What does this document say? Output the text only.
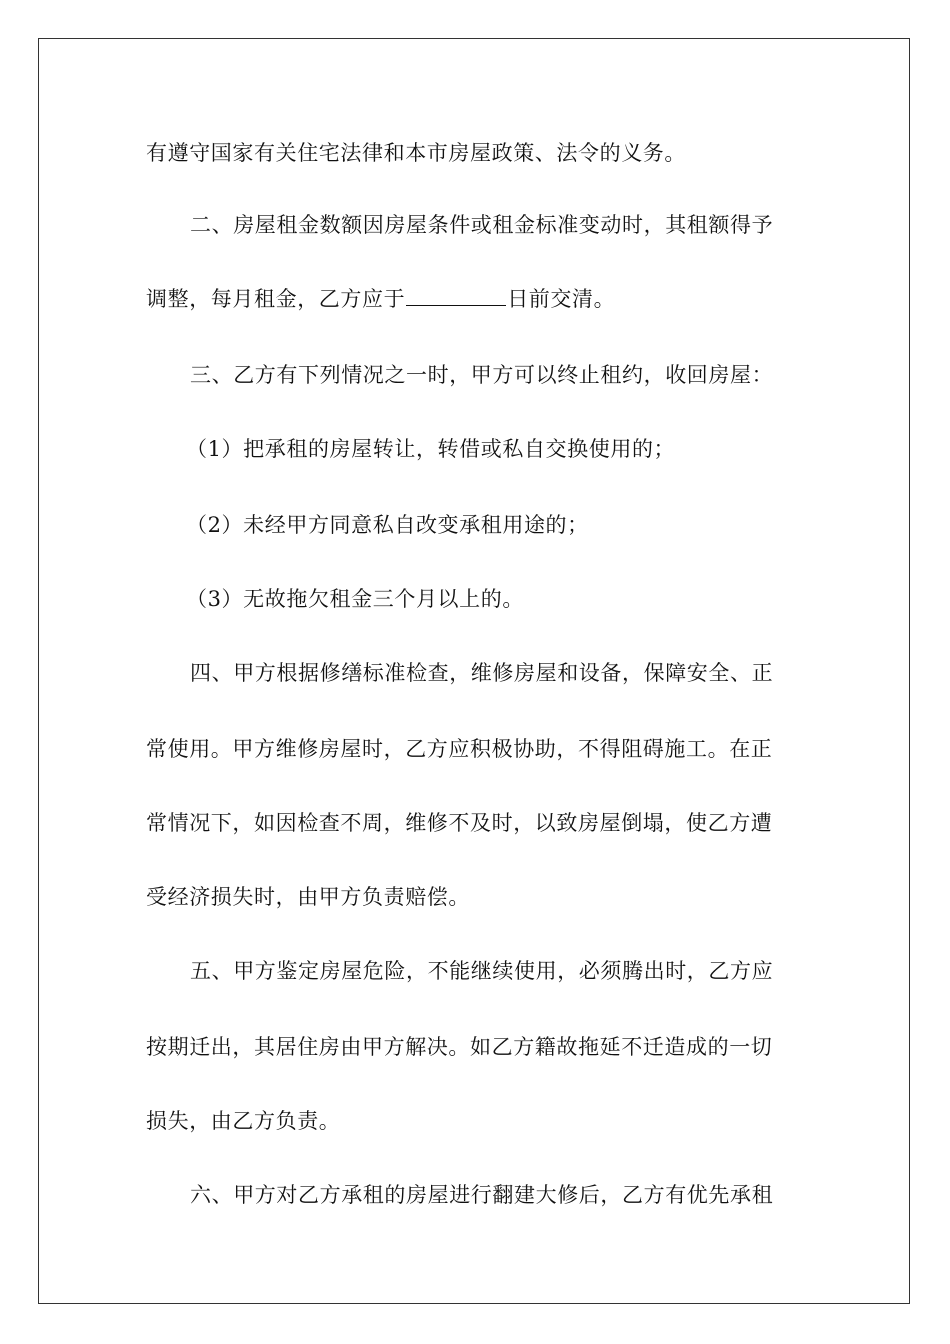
有遵守国家有关住宅法律和本市房屋政策、法令的义务。
二、房屋租金数额因房屋条件或租金标准变动时，其租额得予
调整，每月租金，乙方应于	日前交清。
三、乙方有下列情况之一时，甲方可以终止租约，收回房屋：
（1）把承租的房屋转让，转借或私自交换使用的；
（2）未经甲方同意私自改变承租用途的；
（3）无故拖欠租金三个月以上的。
四、甲方根据修缮标准检查，维修房屋和设备，保障安全、正
常使用。甲方维修房屋时，乙方应积极协助，不得阻碍施工。在正
常情况下，如因检查不周，维修不及时，以致房屋倒塌，使乙方遭
受经济损失时，由甲方负责赔偿。
五、甲方鉴定房屋危险，不能继续使用，必须腾出时，乙方应
按期迁出，其居住房由甲方解决。如乙方籍故拖延不迁造成的一切
损失，由乙方负责。
六、甲方对乙方承租的房屋进行翻建大修后，乙方有优先承租
